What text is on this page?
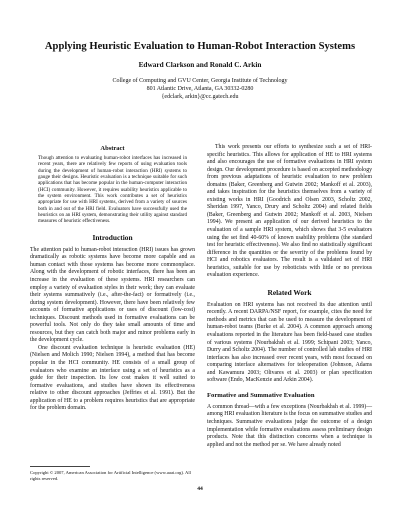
Applying Heuristic Evaluation to Human-Robot Interaction Systems
Edward Clarkson and Ronald C. Arkin
College of Computing and GVU Center, Georgia Institute of Technology
801 Atlantic Drive, Atlanta, GA 30332-0280
{edclark, arkin}@cc.gatech.edu
Abstract

Though attention to evaluating human-robot interfaces has increased in recent years, there are relatively few reports of using evaluation tools during the development of human-robot interaction (HRI) systems to gauge their designs. Heuristic evaluation is a technique suitable for such applications that has become popular in the human-computer interaction (HCI) community. However, it requires usability heuristics applicable to the system environment. This work contributes a set of heuristics appropriate for use with HRI systems, derived from a variety of sources both in and out of the HRI field. Evaluators have successfully used the heuristics on an HRI system, demonstrating their utility against standard measures of heuristic effectiveness.

Introduction

The attention paid to human-robot interaction (HRI) issues has grown dramatically as robotic systems have become more capable and as human contact with those systems has become more commonplace. Along with the development of robotic interfaces, there has been an increase in the evaluation of these systems. HRI researchers can employ a variety of evaluation styles in their work; they can evaluate their systems summatively (i.e., after-the-fact) or formatively (i.e., during system development). However, there have been relatively few accounts of formative applications or uses of discount (low-cost) techniques. Discount methods used in formative evaluations can be powerful tools. Not only do they take small amounts of time and resources, but they can catch both major and minor problems early in the development cycle.

One discount evaluation technique is heuristic evaluation (HE) (Nielsen and Molich 1990; Nielsen 1994), a method that has become popular in the HCI community. HE consists of a small group of evaluators who examine an interface using a set of heuristics as a guide for their inspection. Its low cost makes it well suited to formative evaluations, and studies have shown its effectiveness relative to other discount approaches (Jeffries et al. 1991). But the application of HE to a problem requires heuristics that are appropriate for the problem domain.

Copyright © 2007, American Association for Artificial Intelligence (www.aaai.org). All rights reserved.

This work presents our efforts to synthesize such a set of HRI-specific heuristics. This allows for application of HE to HRI systems and also encourages the use of formative evaluations in HRI system design. Our development procedure is based on accepted methodology from previous adaptations of heuristic evaluation to new problem domains (Baker, Greenberg and Gutwin 2002; Mankoff et al. 2003), and takes inspiration for the heuristics themselves from a variety of existing works in HRI (Goodrich and Olsen 2003, Scholtz 2002, Sheridan 1997, Yanco, Drury and Scholtz 2004) and related fields (Baker, Greenberg and Gutwin 2002; Mankoff et al. 2003, Nielsen 1994). We present an application of our derived heuristics to the evaluation of a sample HRI system, which shows that 3-5 evaluators using the set find 40-60% of known usability problems (the standard test for heuristic effectiveness). We also find no statistically significant difference in the quantities or the severity of the problems found by HCI and robotics evaluators. The result is a validated set of HRI heuristics, suitable for use by roboticists with little or no previous evaluation experience.

Related Work

Evaluation on HRI systems has not received its due attention until recently. A recent DARPA/NSF report, for example, cites the need for methods and metrics that can be used to measure the development of human-robot teams (Burke et al. 2004). A common approach among evaluations reported in the literature has been field-based case studies of various systems (Nourbakhsh et al. 1999; Schipani 2003; Yanco, Durry and Scholtz 2004). The number of controlled lab studies of HRI interfaces has also increased over recent years, with most focused on comparing interface alternatives for teleoperation (Johnson, Adams and Kawamura 2003; Olivares et al. 2003) or plan specification software (Endo, MacKenzie and Arkin 2004).

Formative and Summative Evaluation

A common thread—with a few exceptions (Nourbakhsh et al. 1999)—among HRI evaluation literature is the focus on summative studies and techniques. Summative evaluations judge the outcome of a design implementation while formative evaluations assess preliminary design products. Note that this distinction concerns when a technique is applied and not the method per se. We have already noted

44
